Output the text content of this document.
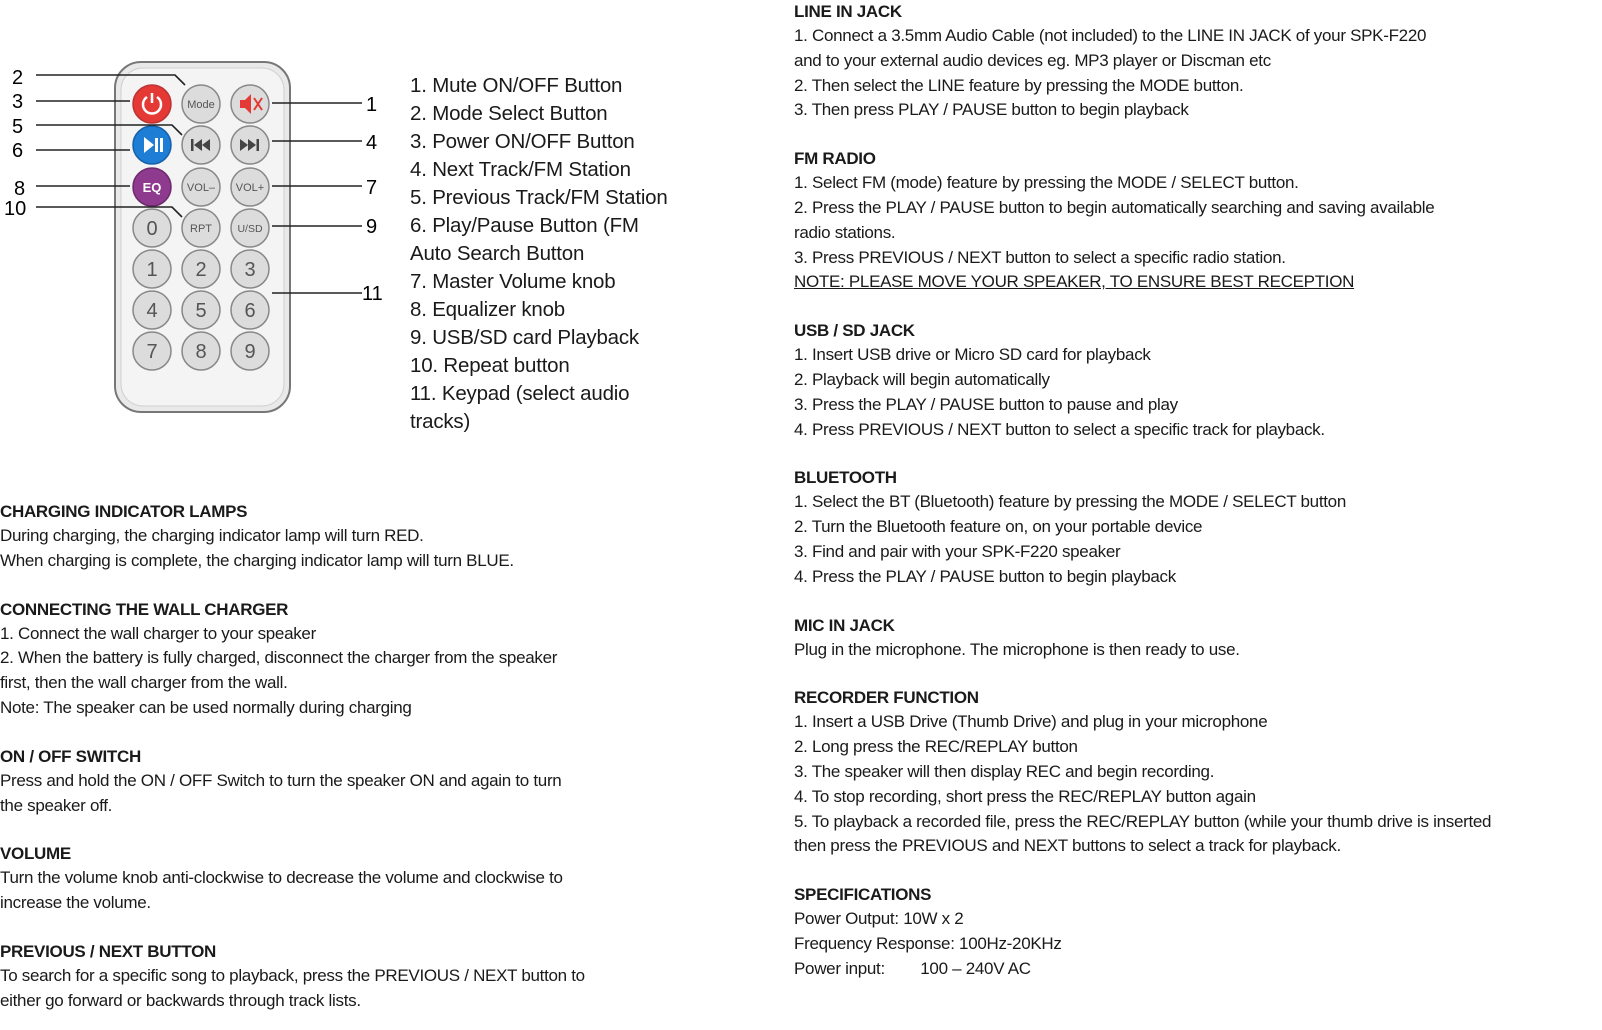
Mode
EQ VOL– VOL+
0	RPT U/SD
1 2 3
4 5 6
7 8 9
2
3
5
6
8
10
1
4
7
9
11
1. Mute ON/OFF Button
2. Mode Select Button
3. Power ON/OFF Button
4. Next Track/FM Station
5. Previous Track/FM Station
6. Play/Pause Button (FM
Auto Search Button
7. Master Volume knob
8. Equalizer knob
9. USB/SD card Playback
10. Repeat button
11. Keypad (select audio
tracks)
CHARGING INDICATOR LAMPS
During charging, the charging indicator lamp will turn RED.
When charging is complete, the charging indicator lamp will turn BLUE.
CONNECTING THE WALL CHARGER
1. Connect the wall charger to your speaker
2. When the battery is fully charged, disconnect the charger from the speaker
first, then the wall charger from the wall.
Note: The speaker can be used normally during charging
ON / OFF SWITCH
Press and hold the ON / OFF Switch to turn the speaker ON and again to turn
the speaker off.
VOLUME
Turn the volume knob anti-clockwise to decrease the volume and clockwise to
increase the volume.
PREVIOUS / NEXT BUTTON
To search for a specific song to playback, press the PREVIOUS / NEXT button to
either go forward or backwards through track lists.
LINE IN JACK
1. Connect a 3.5mm Audio Cable (not included) to the LINE IN JACK of your SPK-F220
and to your external audio devices eg. MP3 player or Discman etc
2. Then select the LINE feature by pressing the MODE button.
3. Then press PLAY / PAUSE button to begin playback
FM RADIO
1. Select FM (mode) feature by pressing the MODE / SELECT button.
2. Press the PLAY / PAUSE button to begin automatically searching and saving available
radio stations.
3. Press PREVIOUS / NEXT button to select a specific radio station.
NOTE: PLEASE MOVE YOUR SPEAKER, TO ENSURE BEST RECEPTION
USB / SD JACK
1. Insert USB drive or Micro SD card for playback
2. Playback will begin automatically
3. Press the PLAY / PAUSE button to pause and play
4. Press PREVIOUS / NEXT button to select a specific track for playback.
BLUETOOTH
1. Select the BT (Bluetooth) feature by pressing the MODE / SELECT button
2. Turn the Bluetooth feature on, on your portable device
3. Find and pair with your SPK-F220 speaker
4. Press the PLAY / PAUSE button to begin playback
MIC IN JACK
Plug in the microphone. The microphone is then ready to use.
RECORDER FUNCTION
1. Insert a USB Drive (Thumb Drive) and plug in your microphone
2. Long press the REC/REPLAY button
3. The speaker will then display REC and begin recording.
4. To stop recording, short press the REC/REPLAY button again
5. To playback a recorded file, press the REC/REPLAY button (while your thumb drive is inserted
then press the PREVIOUS and NEXT buttons to select a track for playback.
SPECIFICATIONS
Power Output: 10W x 2
Frequency Response: 100Hz-20KHz
Power input:        100 – 240V AC
